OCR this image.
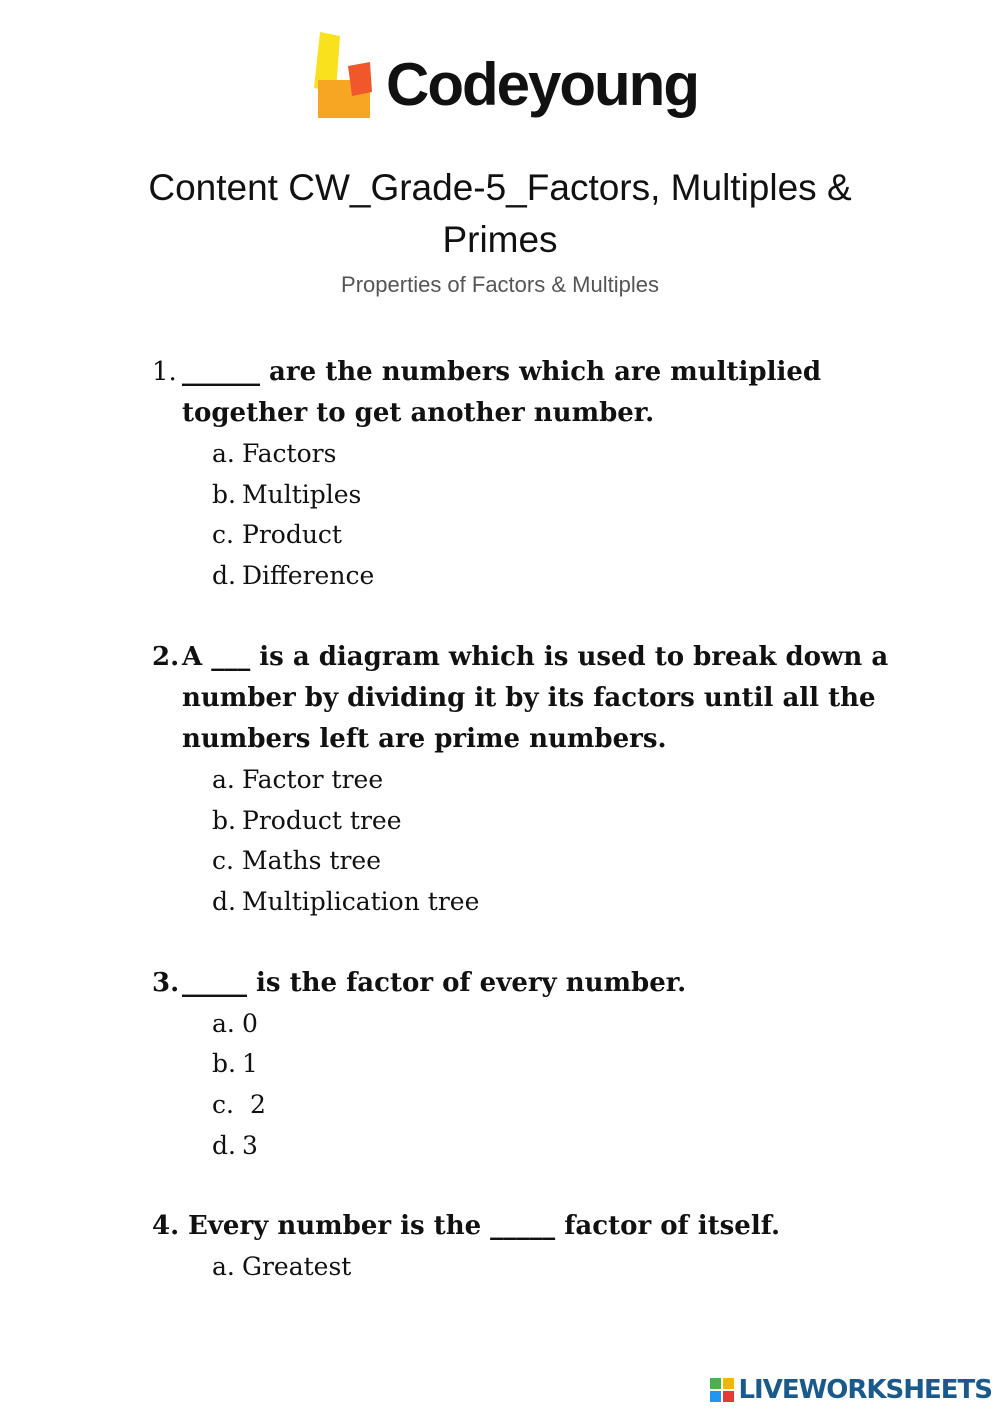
Codeyoung
Content CW_Grade-5_Factors, Multiples &
Primes
Properties of Factors & Multiples
1. ______ are the numbers which are multiplied
together to get another number.
a. Factors
b. Multiples
c. Product
d. Difference
2. A ___ is a diagram which is used to break down a
number by dividing it by its factors until all the
numbers left are prime numbers.
a. Factor tree
b. Product tree
c. Maths tree
d. Multiplication tree
3. _____ is the factor of every number.
a. 0
b. 1
c. 2
d. 3
4. Every number is the _____ factor of itself.
a. Greatest
LIVEWORKSHEETS
